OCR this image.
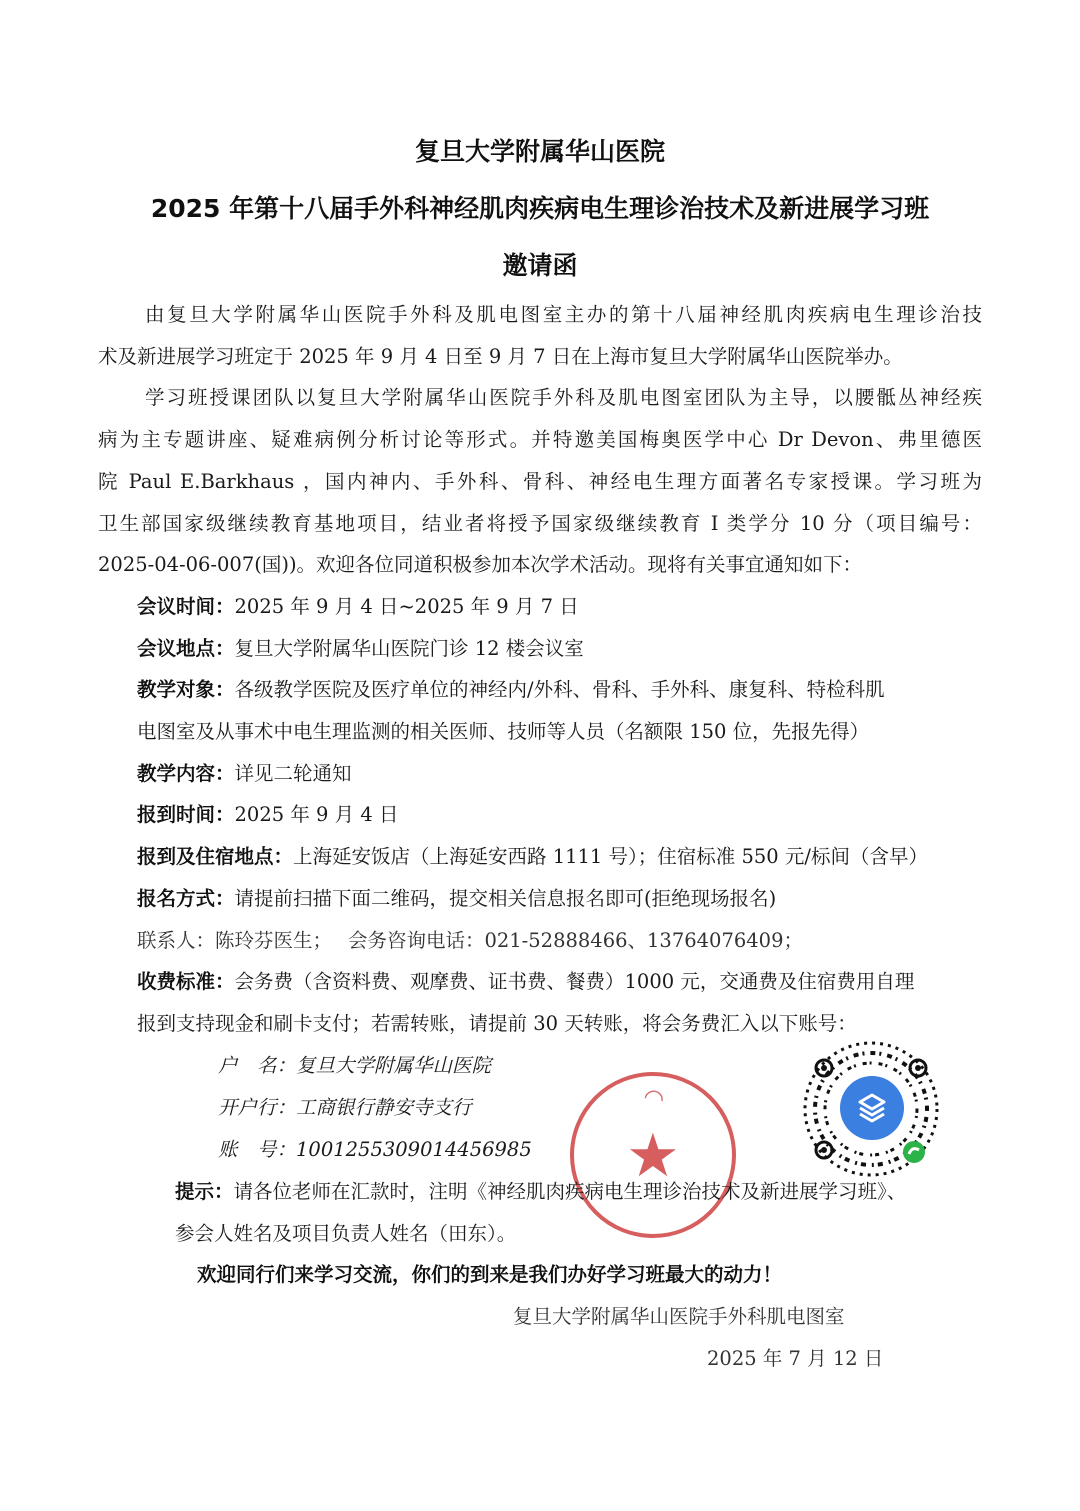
复旦大学附属华山医院
2025 年第十八届手外科神经肌肉疾病电生理诊治技术及新进展学习班
邀请函
由复旦大学附属华山医院手外科及肌电图室主办的第十八届神经肌肉疾病电生理诊治技
术及新进展学习班定于 2025 年 9 月 4 日至 9 月 7 日在上海市复旦大学附属华山医院举办。
学习班授课团队以复旦大学附属华山医院手外科及肌电图室团队为主导，以腰骶丛神经疾
病为主专题讲座、疑难病例分析讨论等形式。并特邀美国梅奥医学中心 Dr Devon、弗里德医
院 Paul E.Barkhaus ，国内神内、手外科、骨科、神经电生理方面著名专家授课。学习班为
卫生部国家级继续教育基地项目，结业者将授予国家级继续教育 I 类学分 10 分（项目编号：
2025-04-06-007(国))。欢迎各位同道积极参加本次学术活动。现将有关事宜通知如下：
会议时间：2025 年 9 月 4 日~2025 年 9 月 7 日
会议地点：复旦大学附属华山医院门诊 12 楼会议室
教学对象：各级教学医院及医疗单位的神经内/外科、骨科、手外科、康复科、特检科肌
电图室及从事术中电生理监测的相关医师、技师等人员（名额限 150 位，先报先得）
教学内容：详见二轮通知
报到时间：2025 年 9 月 4 日
报到及住宿地点：上海延安饭店（上海延安西路 1111 号）；住宿标准 550 元/标间（含早）
报名方式：请提前扫描下面二维码，提交相关信息报名即可(拒绝现场报名)
联系人：陈玲芬医生；　 会务咨询电话：021-52888466、13764076409；
收费标准：会务费（含资料费、观摩费、证书费、餐费）1000 元，交通费及住宿费用自理
报到支持现金和刷卡支付；若需转账，请提前 30 天转账，将会务费汇入以下账号：
户　名：复旦大学附属华山医院
开户行：工商银行静安寺支行
账　号：1001255309014456985
◠
★
提示：请各位老师在汇款时，注明《神经肌肉疾病电生理诊治技术及新进展学习班》、
参会人姓名及项目负责人姓名（田东）。
欢迎同行们来学习交流，你们的到来是我们办好学习班最大的动力！
复旦大学附属华山医院手外科肌电图室
2025 年 7 月 12 日
